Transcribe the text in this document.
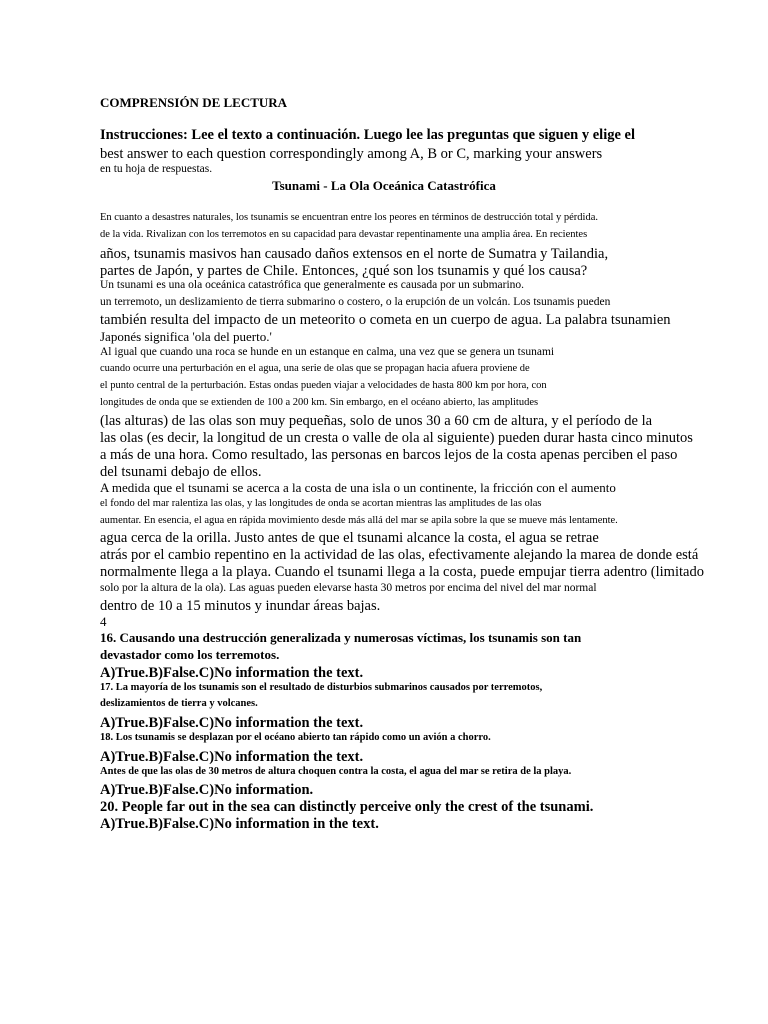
COMPRENSIÓN DE LECTURA
Instrucciones: Lee el texto a continuación. Luego lee las preguntas que siguen y elige el
best answer to each question correspondingly among A, B or C, marking your answers
en tu hoja de respuestas.
Tsunami - La Ola Oceánica Catastrófica
En cuanto a desastres naturales, los tsunamis se encuentran entre los peores en términos de destrucción total y pérdida.
de la vida. Rivalizan con los terremotos en su capacidad para devastar repentinamente una amplia área. En recientes
años, tsunamis masivos han causado daños extensos en el norte de Sumatra y Tailandia,
partes de Japón, y partes de Chile. Entonces, ¿qué son los tsunamis y qué los causa?
Un tsunami es una ola oceánica catastrófica que generalmente es causada por un submarino.
un terremoto, un deslizamiento de tierra submarino o costero, o la erupción de un volcán. Los tsunamis pueden
también resulta del impacto de un meteorito o cometa en un cuerpo de agua. La palabra tsunamien
Japonés significa 'ola del puerto.'
Al igual que cuando una roca se hunde en un estanque en calma, una vez que se genera un tsunami
cuando ocurre una perturbación en el agua, una serie de olas que se propagan hacia afuera proviene de
el punto central de la perturbación. Estas ondas pueden viajar a velocidades de hasta 800 km por hora, con
longitudes de onda que se extienden de 100 a 200 km. Sin embargo, en el océano abierto, las amplitudes
(las alturas) de las olas son muy pequeñas, solo de unos 30 a 60 cm de altura, y el período de la
las olas (es decir, la longitud de un cresta o valle de ola al siguiente) pueden durar hasta cinco minutos
a más de una hora. Como resultado, las personas en barcos lejos de la costa apenas perciben el paso
del tsunami debajo de ellos.
A medida que el tsunami se acerca a la costa de una isla o un continente, la fricción con el aumento
el fondo del mar ralentiza las olas, y las longitudes de onda se acortan mientras las amplitudes de las olas
aumentar. En esencia, el agua en rápida movimiento desde más allá del mar se apila sobre la que se mueve más lentamente.
agua cerca de la orilla. Justo antes de que el tsunami alcance la costa, el agua se retrae
atrás por el cambio repentino en la actividad de las olas, efectivamente alejando la marea de donde está
normalmente llega a la playa. Cuando el tsunami llega a la costa, puede empujar tierra adentro (limitado
solo por la altura de la ola). Las aguas pueden elevarse hasta 30 metros por encima del nivel del mar normal
dentro de 10 a 15 minutos y inundar áreas bajas.
4
16. Causando una destrucción generalizada y numerosas víctimas, los tsunamis son tan
devastador como los terremotos.
A)True.B)False.C)No information the text.
17. La mayoría de los tsunamis son el resultado de disturbios submarinos causados por terremotos,
deslizamientos de tierra y volcanes.
A)True.B)False.C)No information the text.
18. Los tsunamis se desplazan por el océano abierto tan rápido como un avión a chorro.
A)True.B)False.C)No information the text.
Antes de que las olas de 30 metros de altura choquen contra la costa, el agua del mar se retira de la playa.
A)True.B)False.C)No information.
20. People far out in the sea can distinctly perceive only the crest of the tsunami.
A)True.B)False.C)No information in the text.
